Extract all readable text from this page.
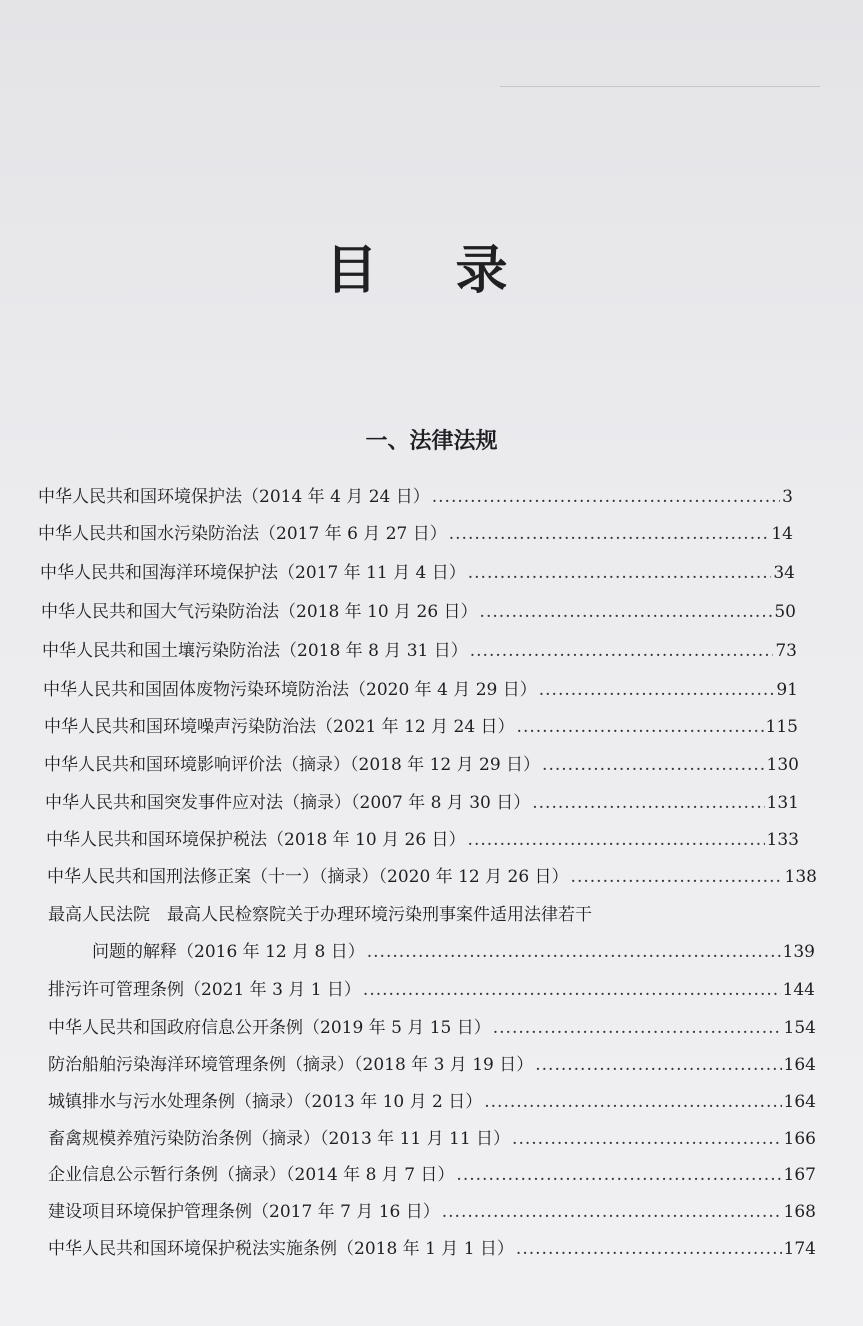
目 录
一、法律法规
中华人民共和国环境保护法（2014 年 4 月 24 日） .....	3
中华人民共和国水污染防治法（2017 年 6 月 27 日） .....	14
中华人民共和国海洋环境保护法（2017 年 11 月 4 日） .....	34
中华人民共和国大气污染防治法（2018 年 10 月 26 日） .....	50
中华人民共和国土壤污染防治法（2018 年 8 月 31 日） .....	73
中华人民共和国固体废物污染环境防治法（2020 年 4 月 29 日） .....	91
中华人民共和国环境噪声污染防治法（2021 年 12 月 24 日） .....	115
中华人民共和国环境影响评价法（摘录）（2018 年 12 月 29 日） .....	130
中华人民共和国突发事件应对法（摘录）（2007 年 8 月 30 日） .....	131
中华人民共和国环境保护税法（2018 年 10 月 26 日） .....	133
中华人民共和国刑法修正案（十一）（摘录）（2020 年 12 月 26 日） .....	138
最高人民法院　最高人民检察院关于办理环境污染刑事案件适用法律若干
问题的解释（2016 年 12 月 8 日） .....	139
排污许可管理条例（2021 年 3 月 1 日） .....	144
中华人民共和国政府信息公开条例（2019 年 5 月 15 日） .....	154
防治船舶污染海洋环境管理条例（摘录）（2018 年 3 月 19 日） .....	164
城镇排水与污水处理条例（摘录）（2013 年 10 月 2 日） .....	164
畜禽规模养殖污染防治条例（摘录）（2013 年 11 月 11 日） .....	166
企业信息公示暂行条例（摘录）（2014 年 8 月 7 日） .....	167
建设项目环境保护管理条例（2017 年 7 月 16 日） .....	168
中华人民共和国环境保护税法实施条例（2018 年 1 月 1 日） .....	174
